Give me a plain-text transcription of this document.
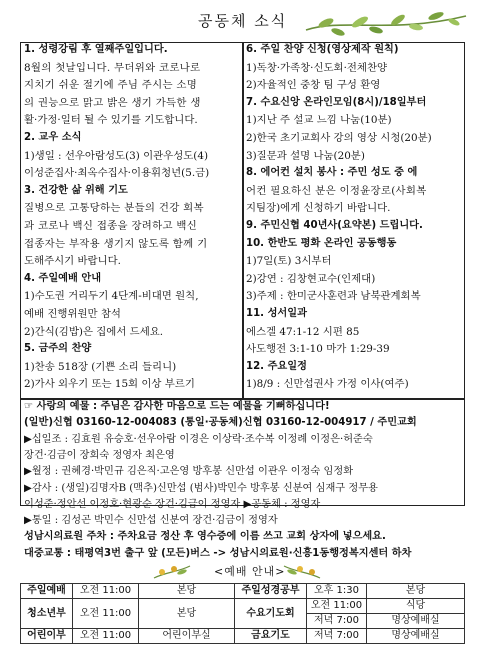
공동체 소식
1. 성령강림 후 열째주일입니다.
8월의 첫날입니다. 무더위와 코로나로
지치기 쉬운 절기에 주님 주시는 소명
의 권능으로 맑고 밝은 생기 가득한 생
활·가정·일터 될 수 있기를 기도합니다.
2. 교우 소식
1)생일 : 선우아람성도(3) 이관우성도(4)
이성준집사·최옥수집사·이용휘청년(5.금)
3. 건강한 삶 위해 기도
질병으로 고통당하는 분들의 건강 회복
과 코로나 백신 접종을 장려하고 백신
접종자는 부작용 생기지 않도록 함께 기
도해주시기 바랍니다.
4. 주일예배 안내
1)수도권 거리두기 4단계-비대면 원칙,
예배 진행위원만 참석
2)간식(김밥)은 집에서 드세요.
5. 금주의 찬양
1)찬송 518장 (기쁜 소리 들리니)
2)가사 외우기 또는 15회 이상 부르기
6. 주일 찬양 신청(영상제작 원칙)
1)독창·가족창·신도회·전체찬양
2)자율적인 중창 팀 구성 환영
7. 수요신앙 온라인모임(8시)/18일부터
1)지난 주 설교 느낌 나눔(10분)
2)한국 초기교회사 강의 영상 시청(20분)
3)질문과 설명 나눔(20분)
8. 에어컨 설치 봉사 : 주민 성도 중 에
어컨 필요하신 분은 이정윤장로(사회복
지팀장)에게 신청하기 바랍니다.
9. 주민신협 40년사(요약본) 드립니다.
10. 한반도 평화 온라인 공동행동
1)7일(토) 3시부터
2)강연 : 김창현교수(인제대)
3)주제 : 한미군사훈련과 남북관계회복
11. 성서일과
에스겔 47:1-12 시편 85
사도행전 3:1-10 마가 1:29-39
12. 주요일정
1)8/9 : 신만섭권사 가정 이사(여주)
☞ 사랑의 예물 : 주님은 감사한 마음으로 드는 예물을 기뻐하십니다!
(일반)신협 03160-12-004083 (통일·공동체)신협 03160-12-004917 / 주민교회
▶십일조 : 김효원 유승호·선우아람 이경은 이상락·조수복 이정례 이정은·허준숙
장건·김금이 장희숙 정영자 최은영
▶월정 : 권혜경·박민규 김은직·고은영 방후봉 신만섭 이관우 이정숙 임정화
▶감사 : (생일)김명자B (맥추)신만섭 (범사)박민수 방후봉 신분여 심재구 정무용
이성준·정안선 이정호·현광순 장건·김금이 정영자 ▶공동체 : 정영자
▶통일 : 김성곤 박민수 신만섭 신분여 장건·김금이 정영자
성남시의료원 주차 : 주차요금 정산 후 영수증에 이름 쓰고 교회 상자에 넣으세요.
대중교통 : 태평역3번 출구 앞 (모든)버스 -> 성남시의료원·신흥1동행정복지센터 하차
<예배 안내>
주일예배	오전 11:00	본당	주일성경공부	오후 1:30	본당
청소년부	오전 11:00	본당	수요기도회	오전 11:00	식당
				저녁 7:00	명상예배실
어린이부	오전 11:00	어린이부실	금요기도	저녁 7:00	명상예배실
